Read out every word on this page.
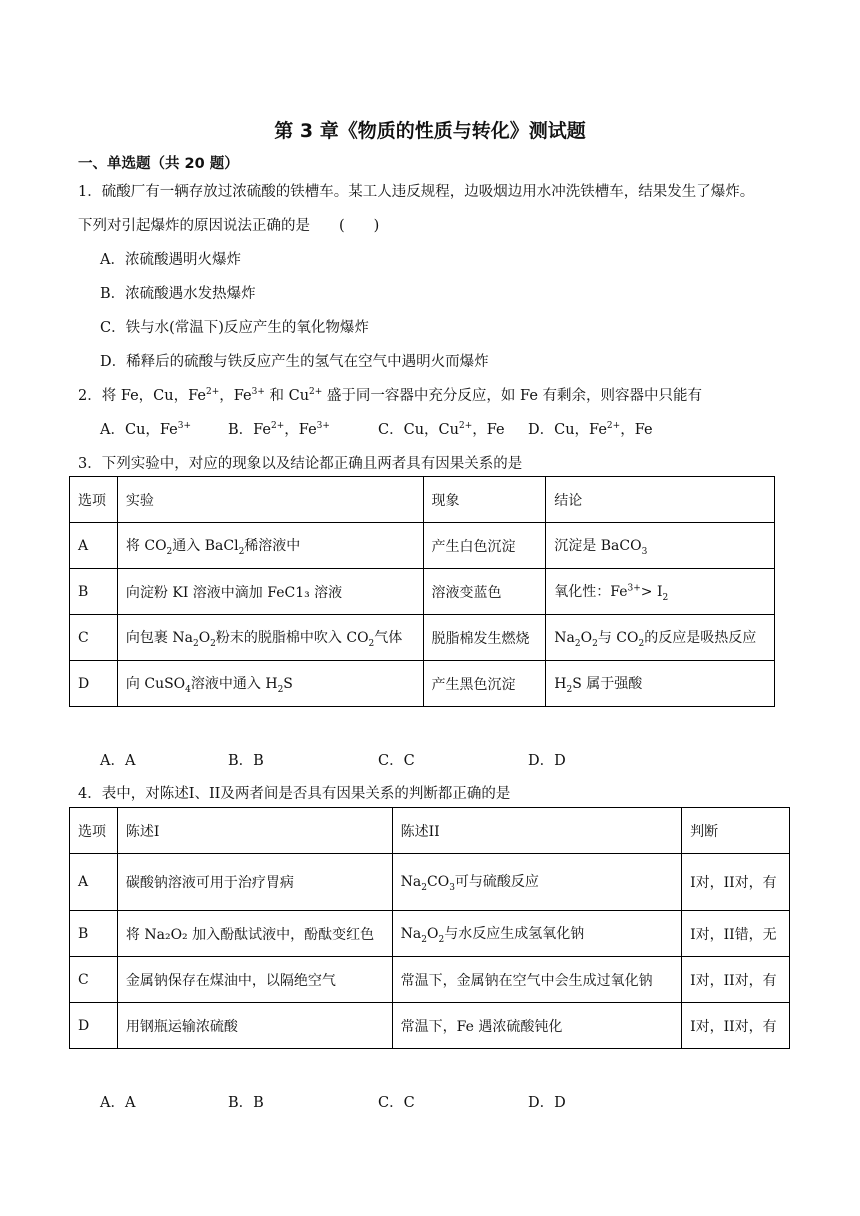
第 3 章《物质的性质与转化》测试题
一、单选题（共 20 题）
1．硫酸厂有一辆存放过浓硫酸的铁槽车。某工人违反规程，边吸烟边用水冲洗铁槽车，结果发生了爆炸。
下列对引起爆炸的原因说法正确的是　　(　　)
A．浓硫酸遇明火爆炸
B．浓硫酸遇水发热爆炸
C．铁与水(常温下)反应产生的氧化物爆炸
D．稀释后的硫酸与铁反应产生的氢气在空气中遇明火而爆炸
2．将 Fe，Cu，$Fe^{2+}$，$Fe^{3+}$ 和 $Cu^{2+}$ 盛于同一容器中充分反应，如 Fe 有剩余，则容器中只能有
A．Cu，$Fe^{3+}$	B．$Fe^{2+}$，$Fe^{3+}$	C．Cu，$Cu^{2+}$，Fe D．Cu，$Fe^{2+}$，Fe
3．下列实验中，对应的现象以及结论都正确且两者具有因果关系的是
选项	实验	现象	结论
A	将 $CO_2$通入 BaCl$_2$稀溶液中	产生白色沉淀	沉淀是 BaCO$_3$
B	向淀粉 KI 溶液中滴加 FeC1₃ 溶液	溶液变蓝色	氧化性：$Fe^{3+}> I_2$
C	向包裹 $Na_2O_2$粉末的脱脂棉中吹入 $CO_2$气体	脱脂棉发生燃烧	$Na_2O_2$与 $CO_2$的反应是吸热反应
D	向 CuSO$_4$溶液中通入 $H_2S$	产生黑色沉淀	$H_2S$ 属于强酸
A．A	B．B	C．C	D．D
4．表中，对陈述I、II及两者间是否具有因果关系的判断都正确的是
选项	陈述I	陈述II	判断
A	碳酸钠溶液可用于治疗胃病	$Na_2CO_3$可与硫酸反应	I对，II对，有
B	将 Na₂O₂ 加入酚酞试液中，酚酞变红色	$Na_2O_2$与水反应生成氢氧化钠	I对，II错，无
C	金属钠保存在煤油中，以隔绝空气	常温下，金属钠在空气中会生成过氧化钠	I对，II对，有
D	用钢瓶运输浓硫酸	常温下，Fe 遇浓硫酸钝化	I对，II对，有
A．A	B．B	C．C	D．D
